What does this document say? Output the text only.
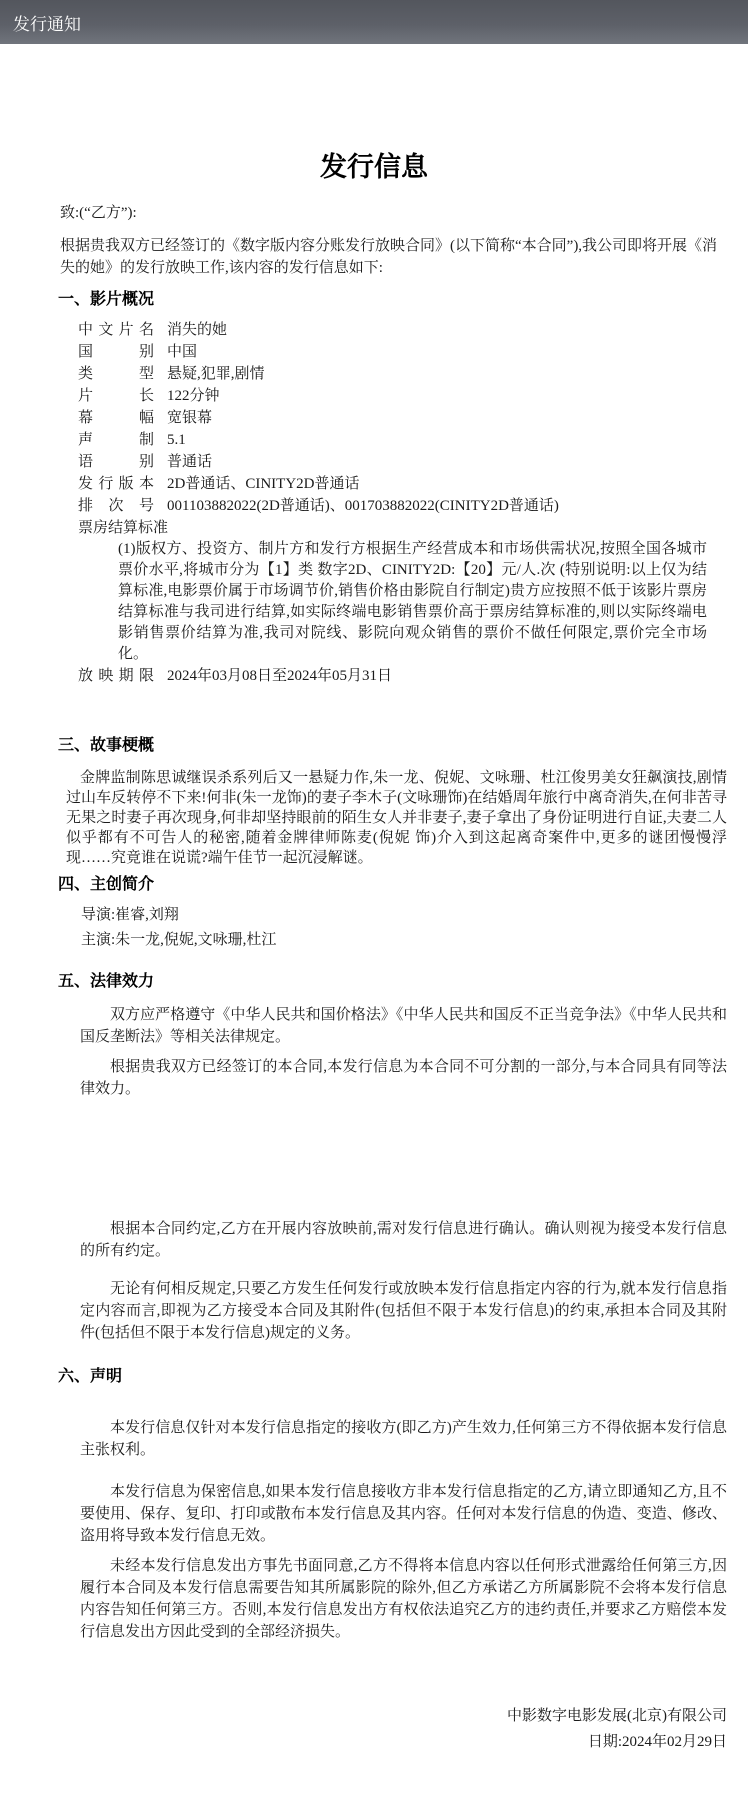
发行通知
发行信息

致:(“乙方”):

根据贵我双方已经签订的《数字版内容分账发行放映合同》(以下简称“本合同”),我公司即将开展《消失的她》的发行放映工作,该内容的发行信息如下:

一、影片概况
中文片名 消失的她
国别 中国
类型 悬疑,犯罪,剧情
片长 122分钟
幕幅 宽银幕
声制 5.1
语别 普通话
发行版本 2D普通话、CINITY2D普通话
排次号 001103882022(2D普通话)、001703882022(CINITY2D普通话)
票房结算标准

(1)版权方、投资方、制片方和发行方根据生产经营成本和市场供需状况,按照全国各城市票价水平,将城市分为【1】类 数字2D、CINITY2D:【20】元/人.次 (特别说明:以上仅为结算标准,电影票价属于市场调节价,销售价格由影院自行制定)贵方应按照不低于该影片票房结算标准与我司进行结算,如实际终端电影销售票价高于票房结算标准的,则以实际终端电影销售票价结算为准,我司对院线、影院向观众销售的票价不做任何限定,票价完全市场化。

放映期限 2024年03月08日至2024年05月31日
三、故事梗概

金牌监制陈思诚继误杀系列后又一悬疑力作,朱一龙、倪妮、文咏珊、杜江俊男美女狂飙演技,剧情过山车反转停不下来!何非(朱一龙饰)的妻子李木子(文咏珊饰)在结婚周年旅行中离奇消失,在何非苦寻无果之时妻子再次现身,何非却坚持眼前的陌生女人并非妻子,妻子拿出了身份证明进行自证,夫妻二人似乎都有不可告人的秘密,随着金牌律师陈麦(倪妮 饰)介入到这起离奇案件中,更多的谜团慢慢浮现……究竟谁在说谎?端午佳节一起沉浸解谜。

四、主创简介

导演:崔睿,刘翔

主演:朱一龙,倪妮,文咏珊,杜江

五、法律效力

双方应严格遵守《中华人民共和国价格法》《中华人民共和国反不正当竞争法》《中华人民共和国反垄断法》等相关法律规定。

根据贵我双方已经签订的本合同,本发行信息为本合同不可分割的一部分,与本合同具有同等法律效力。

根据本合同约定,乙方在开展内容放映前,需对发行信息进行确认。确认则视为接受本发行信息的所有约定。

无论有何相反规定,只要乙方发生任何发行或放映本发行信息指定内容的行为,就本发行信息指定内容而言,即视为乙方接受本合同及其附件(包括但不限于本发行信息)的约束,承担本合同及其附件(包括但不限于本发行信息)规定的义务。

六、声明

本发行信息仅针对本发行信息指定的接收方(即乙方)产生效力,任何第三方不得依据本发行信息主张权利。

本发行信息为保密信息,如果本发行信息接收方非本发行信息指定的乙方,请立即通知乙方,且不要使用、保存、复印、打印或散布本发行信息及其内容。任何对本发行信息的伪造、变造、修改、盗用将导致本发行信息无效。

未经本发行信息发出方事先书面同意,乙方不得将本信息内容以任何形式泄露给任何第三方,因履行本合同及本发行信息需要告知其所属影院的除外,但乙方承诺乙方所属影院不会将本发行信息内容告知任何第三方。否则,本发行信息发出方有权依法追究乙方的违约责任,并要求乙方赔偿本发行信息发出方因此受到的全部经济损失。

中影数字电影发展(北京)有限公司

日期:2024年02月29日
